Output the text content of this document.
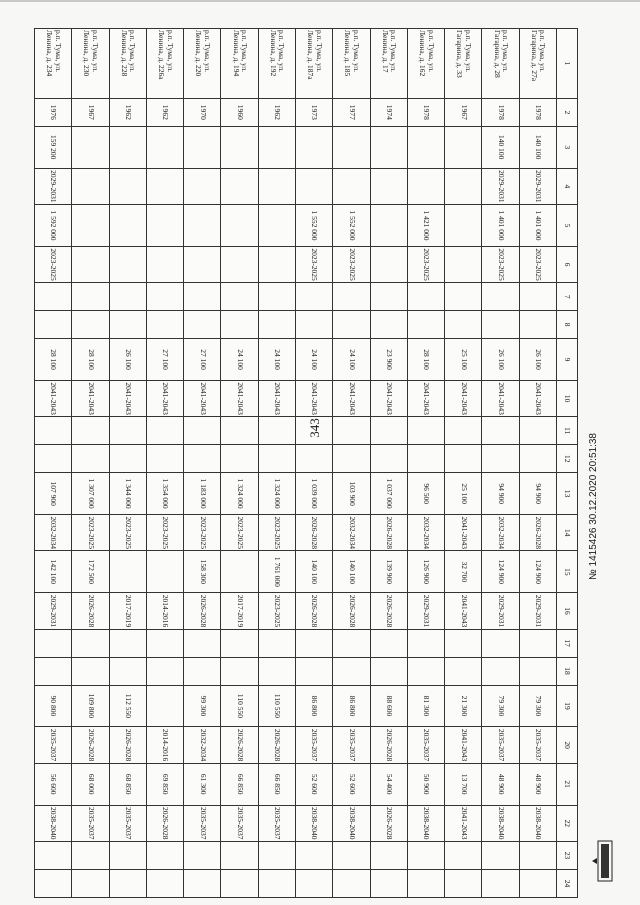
1	2	3	4	5	6	7	8	9	10	11	12	13	14	15	16	17	18	19	20	21	22	23	24
р.п. Тума, ул. Гагарина, д. 27а	1978	140 100	2029-2031	1 401 000	2023-2025			26 100	2041-2043			94 900	2026-2028	124 900	2029-2031			79 300	2035-2037	48 900	2038-2040		
р.п. Тума, ул. Гагарина, д. 28	1978	140 100	2029-2031	1 401 000	2023-2025			26 100	2041-2043			94 900	2032-2034	124 900	2029-2031			79 300	2035-2037	48 900	2038-2040		
р.п. Тума, ул. Гагарина, д. 33	1967							25 100	2041-2043			25 100	2041-2043	32 700	2041-2043			21 300	2041-2043	13 700	2041-2043		
р.п. Тума, ул. Ленина, д. 162	1978			1 421 000	2023-2025			28 100	2041-2043			96 500	2032-2034	126 900	2029-2031			81 300	2035-2037	50 900	2038-2040		
р.п. Тума, ул. Ленина, д. 17	1974							23 900	2041-2043			1 037 000	2026-2028	139 900	2026-2028			88 600	2026-2028	54 400	2026-2028		
р.п. Тума, ул. Ленина, д. 185	1977			1 552 000	2023-2025			24 100	2041-2043			103 900	2032-2034	140 100	2026-2028			86 800	2035-2037	52 600	2038-2040		
р.п. Тума, ул. Ленина, д. 187а	1973			1 552 000	2023-2025			24 100	2041-2043			1 039 000	2026-2028	140 100	2026-2028			86 800	2035-2037	52 600	2038-2040		
р.п. Тума, ул. Ленина, д. 192	1962							24 100	2041-2043			1 324 000	2023-2025	1 761 000	2023-2025			110 550	2026-2028	66 850	2035-2037		
р.п. Тума, ул. Ленина, д. 194	1960							24 100	2041-2043			1 324 000	2023-2025		2017-2019			110 550	2026-2028	66 850	2035-2037		
р.п. Тума, ул. Ленина, д. 220	1970							27 100	2041-2043			1 183 000	2023-2025	158 300	2026-2028			99 300	2032-2034	61 300	2035-2037		
р.п. Тума, ул. Ленина, д. 226а	1962							27 100	2041-2043			1 354 000	2023-2025		2014-2016				2014-2016	69 850	2026-2028		
р.п. Тума, ул. Ленина, д. 228	1962							26 100	2041-2043			1 344 000	2023-2025		2017-2019			112 550	2026-2028	68 850	2035-2037		
р.п. Тума, ул. Ленина, д. 230	1967							28 100	2041-2043			1 307 000	2023-2025	172 500	2026-2028			109 800	2026-2028	68 000	2035-2037		
р.п. Тума, ул. Ленина, д. 234	1976	159 200	2029-2031	1 592 000	2023-2025			28 100	2041-2043			107 900	2032-2034	142 100	2029-2031			90 800	2035-2037	56 600	2038-2040		
343
№ 1415426 30.12.2020 20:51:38
